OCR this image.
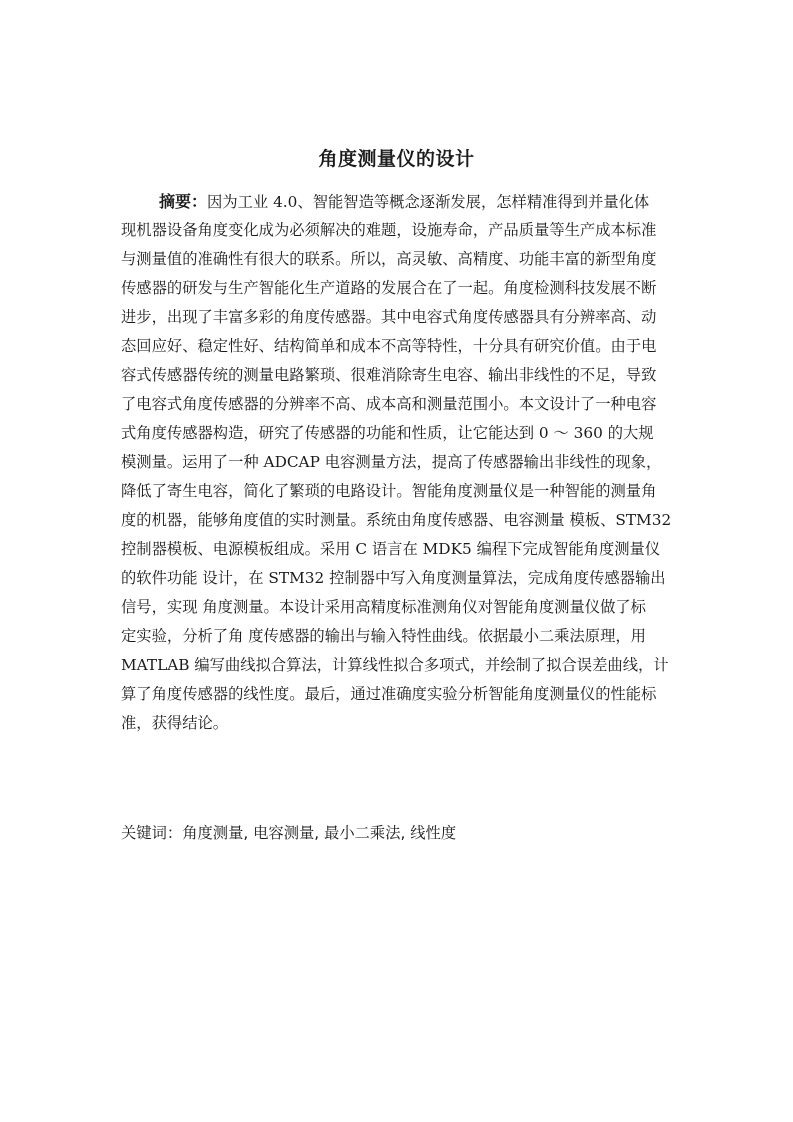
角度测量仪的设计
摘要：因为工业 4.0、智能智造等概念逐渐发展，怎样精准得到并量化体
现机器设备角度变化成为必须解决的难题，设施寿命，产品质量等生产成本标准
与测量值的准确性有很大的联系。所以，高灵敏、高精度、功能丰富的新型角度
传感器的研发与生产智能化生产道路的发展合在了一起。角度检测科技发展不断
进步，出现了丰富多彩的角度传感器。其中电容式角度传感器具有分辨率高、动
态回应好、稳定性好、结构简单和成本不高等特性，十分具有研究价值。由于电
容式传感器传统的测量电路繁琐、很难消除寄生电容、输出非线性的不足，导致
了电容式角度传感器的分辨率不高、成本高和测量范围小。本文设计了一种电容
式角度传感器构造，研究了传感器的功能和性质，让它能达到 0 ～ 360 的大规
模测量。运用了一种 ADCAP 电容测量方法，提高了传感器输出非线性的现象，
降低了寄生电容，简化了繁琐的电路设计。智能角度测量仪是一种智能的测量角
度的机器，能够角度值的实时测量。系统由角度传感器、电容测量 模板、STM32
控制器模板、电源模板组成。采用 C 语言在 MDK5 编程下完成智能角度测量仪
的软件功能 设计，在 STM32 控制器中写入角度测量算法，完成角度传感器输出
信号，实现 角度测量。本设计采用高精度标准测角仪对智能角度测量仪做了标
定实验，分析了角 度传感器的输出与输入特性曲线。依据最小二乘法原理，用
MATLAB 编写曲线拟合算法，计算线性拟合多项式，并绘制了拟合误差曲线，计
算了角度传感器的线性度。最后，通过准确度实验分析智能角度测量仪的性能标
准，获得结论。
关键词：角度测量, 电容测量, 最小二乘法, 线性度
